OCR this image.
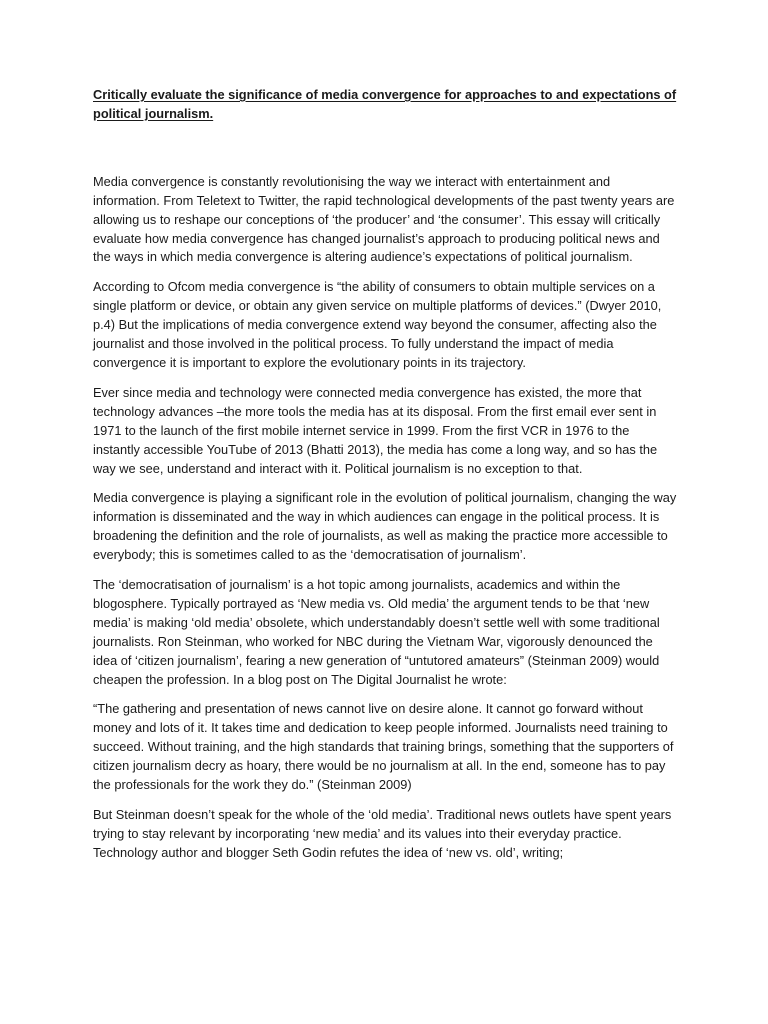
Critically evaluate the significance of media convergence for approaches to and expectations of political journalism.

Media convergence is constantly revolutionising the way we interact with entertainment and information. From Teletext to Twitter, the rapid technological developments of the past twenty years are allowing us to reshape our conceptions of ‘the producer’ and ‘the consumer’. This essay will critically evaluate how media convergence has changed journalist’s approach to producing political news and the ways in which media convergence is altering audience’s expectations of political journalism.

According to Ofcom media convergence is “the ability of consumers to obtain multiple services on a single platform or device, or obtain any given service on multiple platforms of devices.” (Dwyer 2010, p.4) But the implications of media convergence extend way beyond the consumer, affecting also the journalist and those involved in the political process. To fully understand the impact of media convergence it is important to explore the evolutionary points in its trajectory.

Ever since media and technology were connected media convergence has existed, the more that technology advances –the more tools the media has at its disposal. From the first email ever sent in 1971 to the launch of the first mobile internet service in 1999. From the first VCR in 1976 to the instantly accessible YouTube of 2013 (Bhatti 2013), the media has come a long way, and so has the way we see, understand and interact with it. Political journalism is no exception to that.

Media convergence is playing a significant role in the evolution of political journalism, changing the way information is disseminated and the way in which audiences can engage in the political process. It is broadening the definition and the role of journalists, as well as making the practice more accessible to everybody; this is sometimes called to as the ‘democratisation of journalism’.

The ‘democratisation of journalism’ is a hot topic among journalists, academics and within the blogosphere. Typically portrayed as ‘New media vs. Old media’ the argument tends to be that ‘new media’ is making ‘old media’ obsolete, which understandably doesn’t settle well with some traditional journalists. Ron Steinman, who worked for NBC during the Vietnam War, vigorously denounced the idea of ‘citizen journalism’, fearing a new generation of “untutored amateurs” (Steinman 2009) would cheapen the profession. In a blog post on The Digital Journalist he wrote:

“The gathering and presentation of news cannot live on desire alone. It cannot go forward without money and lots of it. It takes time and dedication to keep people informed. Journalists need training to succeed. Without training, and the high standards that training brings, something that the supporters of citizen journalism decry as hoary, there would be no journalism at all. In the end, someone has to pay the professionals for the work they do.” (Steinman 2009)

But Steinman doesn’t speak for the whole of the ‘old media’. Traditional news outlets have spent years trying to stay relevant by incorporating ‘new media’ and its values into their everyday practice. Technology author and blogger Seth Godin refutes the idea of ‘new vs. old’, writing;
